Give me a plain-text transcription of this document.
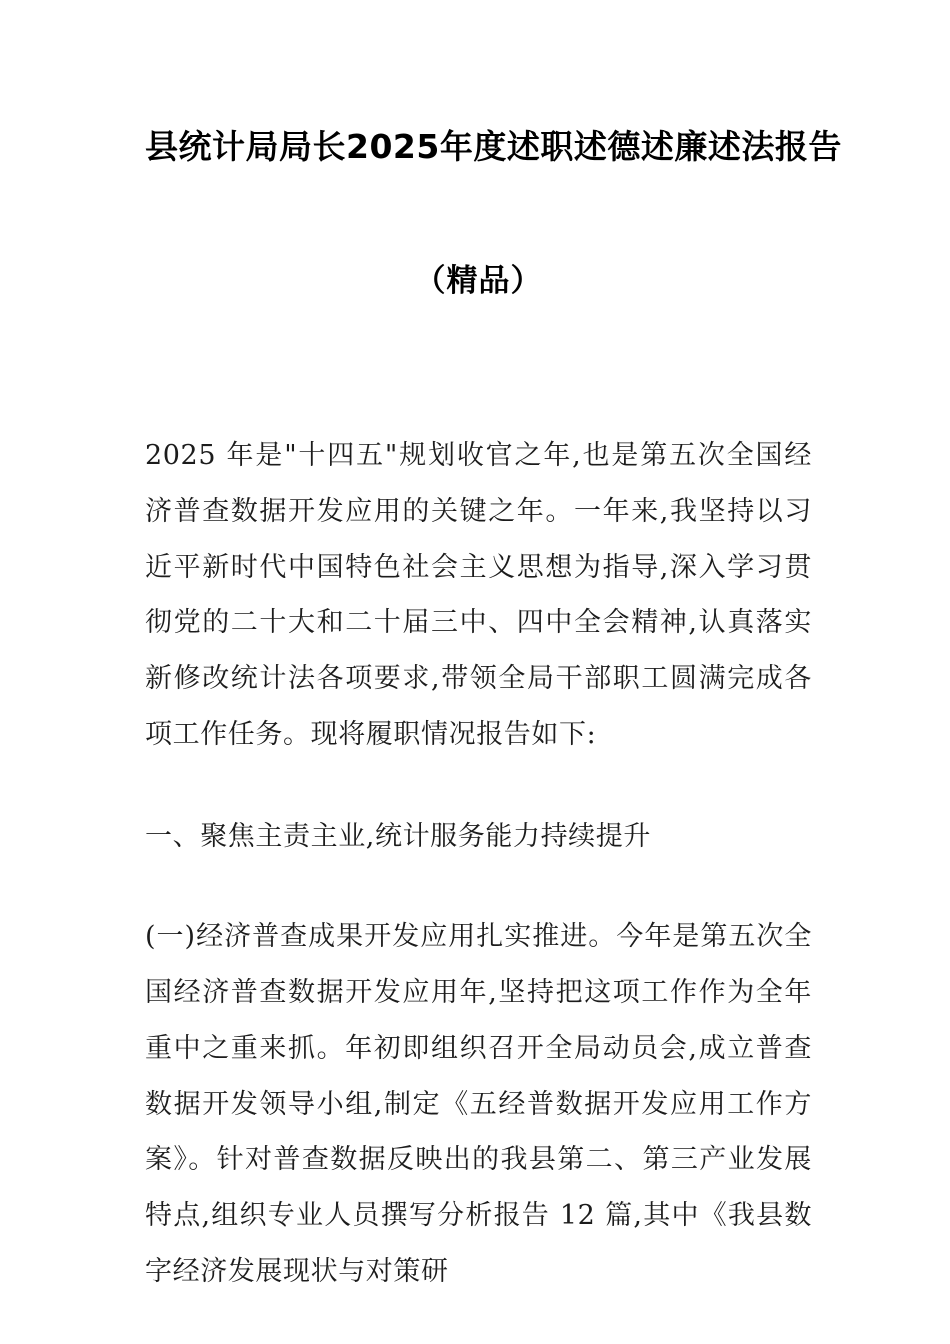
县统计局局长2025年度述职述德述廉述法报告
（精品）

2025 年是"十四五"规划收官之年,也是第五次全国经济普查数据开发应用的关键之年。一年来,我坚持以习近平新时代中国特色社会主义思想为指导,深入学习贯彻党的二十大和二十届三中、四中全会精神,认真落实新修改统计法各项要求,带领全局干部职工圆满完成各项工作任务。现将履职情况报告如下:

一、聚焦主责主业,统计服务能力持续提升

(一)经济普查成果开发应用扎实推进。今年是第五次全国经济普查数据开发应用年,坚持把这项工作作为全年重中之重来抓。年初即组织召开全局动员会,成立普查数据开发领导小组,制定《五经普数据开发应用工作方案》。针对普查数据反映出的我县第二、第三产业发展特点,组织专业人员撰写分析报告 12 篇,其中《我县数字经济发展现状与对策研
